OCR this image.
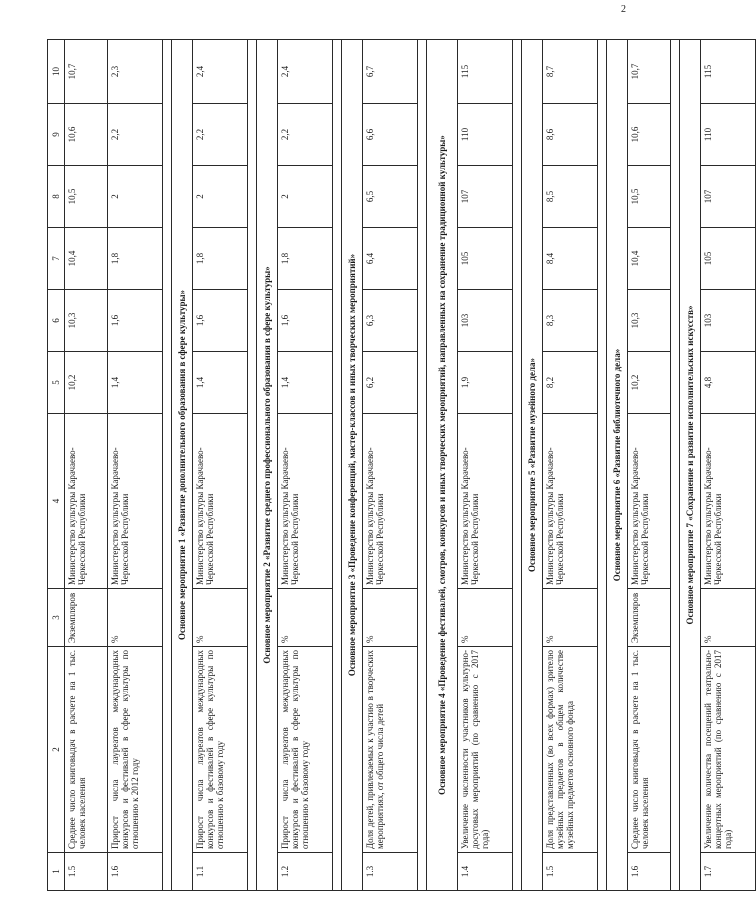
2
1	2	3	4	5	6	7	8	9	10
1.5	Среднее число книговыдач в расчете на 1 тыс. человек населения	Экземпляров	Министерство культуры Карачаево-Черкесской Республики	10,2	10,3	10,4	10,5	10,6	10,7
1.6	Прирост числа лауреатов международных конкурсов и фестивалей в сфере культуры по отношению к 2012 году	%	Министерство культуры Карачаево-Черкесской Республики	1,4	1,6	1,8	2	2,2	2,3

Основное мероприятие 1 «Развитие дополнительного образования в сфере культуры»									
1.1	Прирост числа лауреатов международных конкурсов и фестивалей в сфере культуры по отношению к базовому году	%	Министерство культуры Карачаево-Черкесской Республики	1,4	1,6	1,8	2	2,2	2,4

Основное мероприятие 2 «Развитие среднего профессионального образования в сфере культуры»									
1.2	Прирост числа лауреатов международных конкурсов и фестивалей в сфере культуры по отношению к базовому году	%	Министерство культуры Карачаево-Черкесской Республики	1,4	1,6	1,8	2	2,2	2,4

Основное мероприятие 3 «Проведение конференций, мастер-классов и иных творческих мероприятий»									
1.3	Доля детей, привлекаемых к участию в творческих мероприятиях, от общего числа детей	%	Министерство культуры Карачаево-Черкесской Республики	6,2	6,3	6,4	6,5	6,6	6,7

Основное мероприятие 4 «Проведение фестивалей, смотров, конкурсов и иных творческих мероприятий, направленных на сохранение традиционной культуры»									
1.4	Увеличение численности участников культурно-досуговых мероприятий (по сравнению с 2017 года)	%	Министерство культуры Карачаево-Черкесской Республики	1,9	103	105	107	110	115

Основное мероприятие 5 «Развитие музейного дела»									
1.5	Доля представленных (во всех формах) зрителю музейных предметов в общем количестве музейных предметов основного фонда	%	Министерство культуры Карачаево-Черкесской Республики	8,2	8,3	8,4	8,5	8,6	8,7

Основное мероприятие 6 «Развитие библиотечного дела»									
1.6	Среднее число книговыдач в расчете на 1 тыс. человек населения	Экземпляров	Министерство культуры Карачаево-Черкесской Республики	10,2	10,3	10,4	10,5	10,6	10,7

Основное мероприятие 7 «Сохранение и развитие исполнительских искусств»									
1.7	Увеличение количества посещений театрально-концертных мероприятий (по сравнению с 2017 года)	%	Министерство культуры Карачаево-Черкесской Республики	4,8	103	105	107	110	115
